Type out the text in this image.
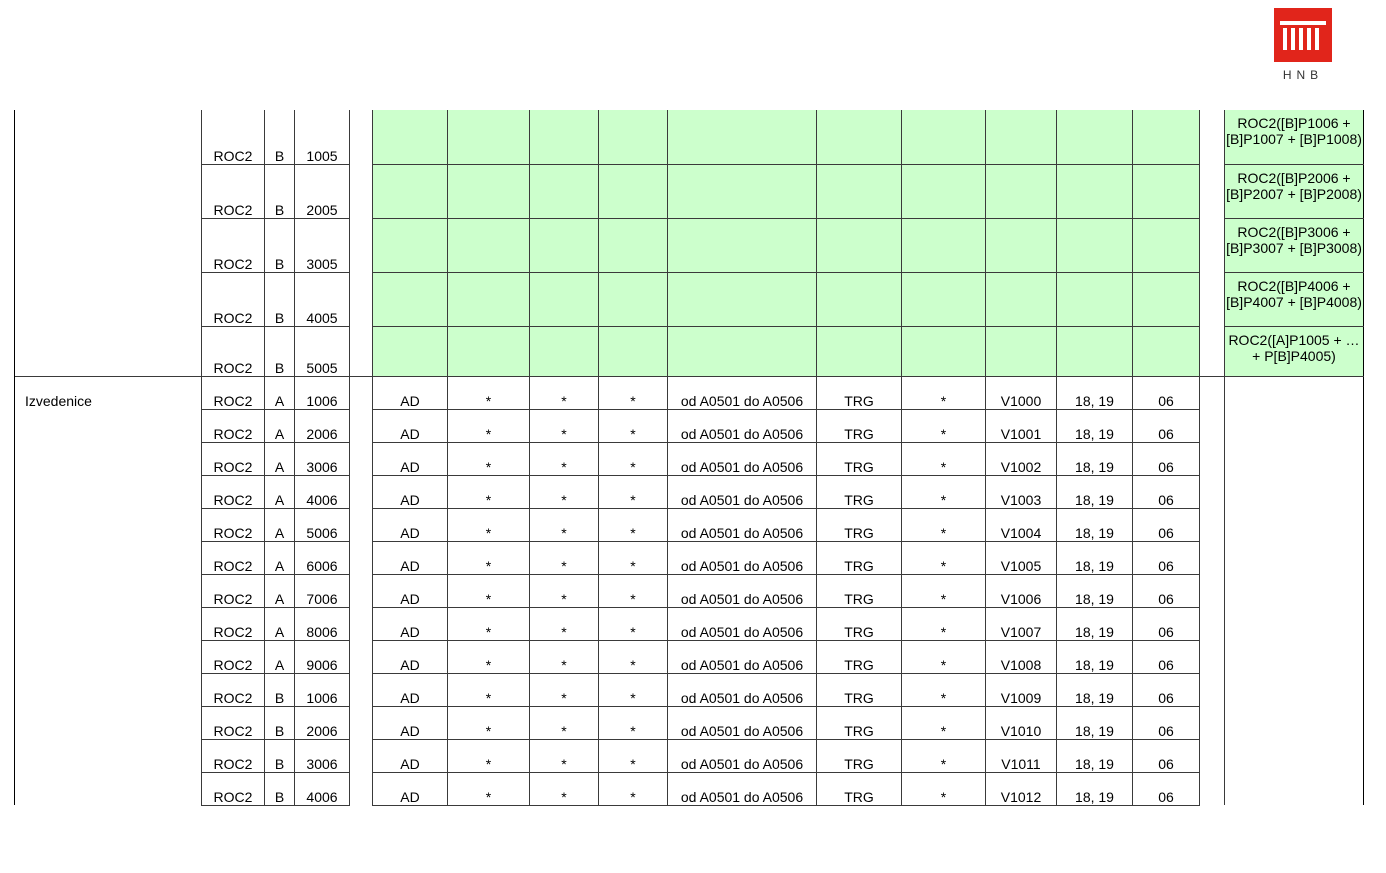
HNB
	ROC2	B	1005													ROC2([B]P1006 + [B]P1007 + [B]P1008)
	ROC2	B	2005													ROC2([B]P2006 + [B]P2007 + [B]P2008)
	ROC2	B	3005													ROC2([B]P3006 + [B]P3007 + [B]P3008)
	ROC2	B	4005													ROC2([B]P4006 + [B]P4007 + [B]P4008)
	ROC2	B	5005													ROC2([A]P1005 + … + P[B]P4005)
Izvedenice	ROC2	A	1006		AD	*	*	*	od A0501 do A0506	TRG	*	V1000	18, 19	06		
	ROC2	A	2006		AD	*	*	*	od A0501 do A0506	TRG	*	V1001	18, 19	06		
	ROC2	A	3006		AD	*	*	*	od A0501 do A0506	TRG	*	V1002	18, 19	06		
	ROC2	A	4006		AD	*	*	*	od A0501 do A0506	TRG	*	V1003	18, 19	06		
	ROC2	A	5006		AD	*	*	*	od A0501 do A0506	TRG	*	V1004	18, 19	06		
	ROC2	A	6006		AD	*	*	*	od A0501 do A0506	TRG	*	V1005	18, 19	06		
	ROC2	A	7006		AD	*	*	*	od A0501 do A0506	TRG	*	V1006	18, 19	06		
	ROC2	A	8006		AD	*	*	*	od A0501 do A0506	TRG	*	V1007	18, 19	06		
	ROC2	A	9006		AD	*	*	*	od A0501 do A0506	TRG	*	V1008	18, 19	06		
	ROC2	B	1006		AD	*	*	*	od A0501 do A0506	TRG	*	V1009	18, 19	06		
	ROC2	B	2006		AD	*	*	*	od A0501 do A0506	TRG	*	V1010	18, 19	06		
	ROC2	B	3006		AD	*	*	*	od A0501 do A0506	TRG	*	V1011	18, 19	06		
	ROC2	B	4006		AD	*	*	*	od A0501 do A0506	TRG	*	V1012	18, 19	06		
